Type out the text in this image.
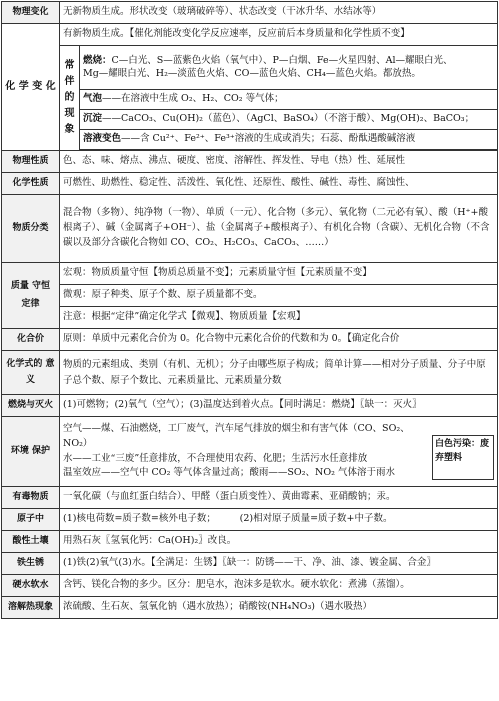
物理变化	无新物质生成。形状改变（玻璃破碎等）、状态改变（干冰升华、水结冰等）	
化 学 变 化	有新物质生成。【催化剂能改变化学反应速率，反应前后本身质量和化学性质不变】	
	常 伴 的 现 象	燃烧：C—白光、S—蓝紫色火焰（氧气中）、P—白烟、Fe—火星四射、Al—耀眼白光、
Mg—耀眼白光、H₂—淡蓝色火焰、CO—蓝色火焰、CH₄—蓝色火焰。都放热。
		气泡——在溶液中生成 O₂、H₂、CO₂ 等气体；
		沉淀——CaCO₃、Cu(OH)₂（蓝色）、（AgCl、BaSO₄）（不溶于酸）、Mg(OH)₂、BaCO₃；
		溶液变色——含 Cu²⁺、Fe²⁺、Fe³⁺溶液的生成或消失；石蕊、酚酞遇酸碱溶液

物理性质	色、态、味、熔点、沸点、硬度、密度、溶解性、挥发性、导电（热）性、延展性	
化学性质	可燃性、助燃性、稳定性、活泼性、氧化性、还原性、酸性、碱性、毒性、腐蚀性、	
物质分类	混合物（多物）、纯净物（一物）、单质（一元）、化合物（多元）、氧化物（二元必有氧）、酸（H⁺+酸根离子）、碱（金属离子+OH⁻）、盐（金属离子+酸根离子）、有机化合物（含碳）、无机化合物（不含碳以及部分含碳化合物如 CO、CO₂、H₂CO₃、CaCO₃、……）	
质量 守恒 定律	宏观：物质质量守恒【物质总质量不变】；元素质量守恒【元素质量不变】	
	微观：原子种类、原子个数、原子质量都不变。	
	注意：根据“定律”确定化学式【微观】、物质质量【宏观】	
化合价	原则：单质中元素化合价为 0。化合物中元素化合价的代数和为 0。【确定化合价	
化学式的 意义	物质的元素组成、类别（有机、无机）；分子由哪些原子构成；简单计算——相对分子质量、分子中原子总个数、原子个数比、元素质量比、元素质量分数	
燃烧与灭火	(1)可燃物；(2)氧气（空气）；(3)温度达到着火点。【同时满足：燃烧】〖缺一：灭火〗	
环境 保护	空气——煤、石油燃烧，工厂废气，汽车尾气排放的烟尘和有害气体（CO、SO₂、NO₂）
水——工业“三废”任意排放，不合理使用农药、化肥；生活污水任意排放
温室效应——空气中 CO₂ 等气体含量过高；酸雨——SO₂、NO₂ 气体溶于雨水
白色污染：废弃塑料	

有毒物质	一氧化碳（与血红蛋白结合）、甲醛（蛋白质变性）、黄曲霉素、亚硝酸钠；汞。	
原子中	(1)核电荷数=质子数=核外电子数；　　　(2)相对原子质量=质子数+中子数。	
酸性土壤	用熟石灰〖氢氧化钙：Ca(OH)₂〗改良。	
铁生锈	(1)铁(2)氧气(3)水。【全满足：生锈】〖缺一：防锈——干、净、油、漆、镀金属、合金〗	
硬水软水	含钙、镁化合物的多少。区分：肥皂水，泡沫多是软水。硬水软化：煮沸（蒸馏）。	
溶解热现象	浓硫酸、生石灰、氢氧化钠（遇水放热）；硝酸铵(NH₄NO₃)（遇水吸热）	
